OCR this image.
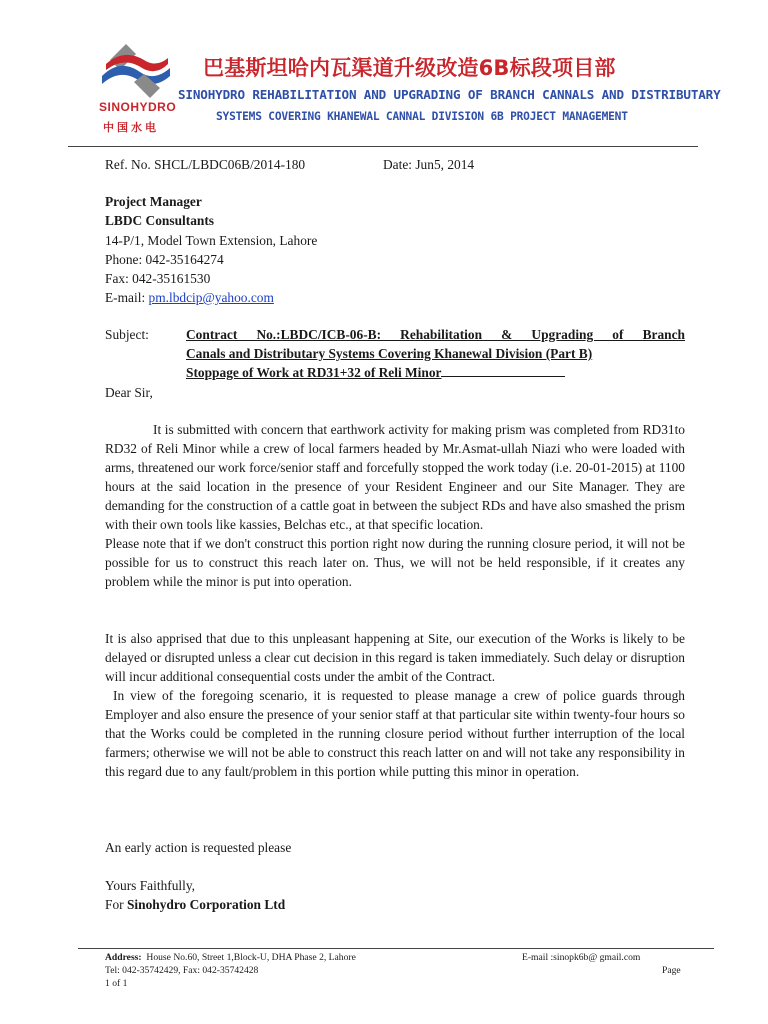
SINOHYDRO
中国水电
巴基斯坦哈内瓦渠道升级改造6B标段项目部
SINOHYDRO REHABILITATION AND UPGRADING OF BRANCH CANNALS AND DISTRIBUTARY
SYSTEMS COVERING KHANEWAL CANNAL DIVISION 6B PROJECT MANAGEMENT
Ref. No. SHCL/LBDC06B/2014-180	Date: Jun5, 2014
Project Manager
LBDC Consultants
14-P/1, Model Town Extension, Lahore
Phone: 042-35164274
Fax: 042-35161530
E-mail: pm.lbdcip@yahoo.com
Subject:	Contract No.:LBDC/ICB-06-B: Rehabilitation & Upgrading of Branch
Canals and Distributary Systems Covering Khanewal Division (Part B)
Stoppage of Work at RD31+32 of Reli Minor
Dear Sir,

It is submitted with concern that earthwork activity for making prism was completed from RD31to RD32 of Reli Minor while a crew of local farmers headed by Mr.Asmat-ullah Niazi who were loaded with arms, threatened our work force/senior staff and forcefully stopped the work today (i.e. 20-01-2015) at 1100 hours at the said location in the presence of your Resident Engineer and our Site Manager. They are demanding for the construction of a cattle goat in between the subject RDs and have also smashed the prism with their own tools like kassies, Belchas etc., at that specific location.

Please note that if we don't construct this portion right now during the running closure period, it will not be possible for us to construct this reach later on. Thus, we will not be held responsible, if it creates any problem while the minor is put into operation.

It is also apprised that due to this unpleasant happening at Site, our execution of the Works is likely to be delayed or disrupted unless a clear cut decision in this regard is taken immediately. Such delay or disruption will incur additional consequential costs under the ambit of the Contract.

In view of the foregoing scenario, it is requested to please manage a crew of police guards through Employer and also ensure the presence of your senior staff at that particular site within twenty-four hours so that the Works could be completed in the running closure period without further interruption of the local farmers; otherwise we will not be able to construct this reach latter on and will not take any responsibility in this regard due to any fault/problem in this portion while putting this minor in operation.

An early action is requested please
Yours Faithfully,
For Sinohydro Corporation Ltd
Address: House No.60, Street 1,Block-U, DHA Phase 2, Lahore	E-mail :sinopk6b@ gmail.com
Tel: 042-35742429, Fax: 042-35742428	Page
1 of 1
